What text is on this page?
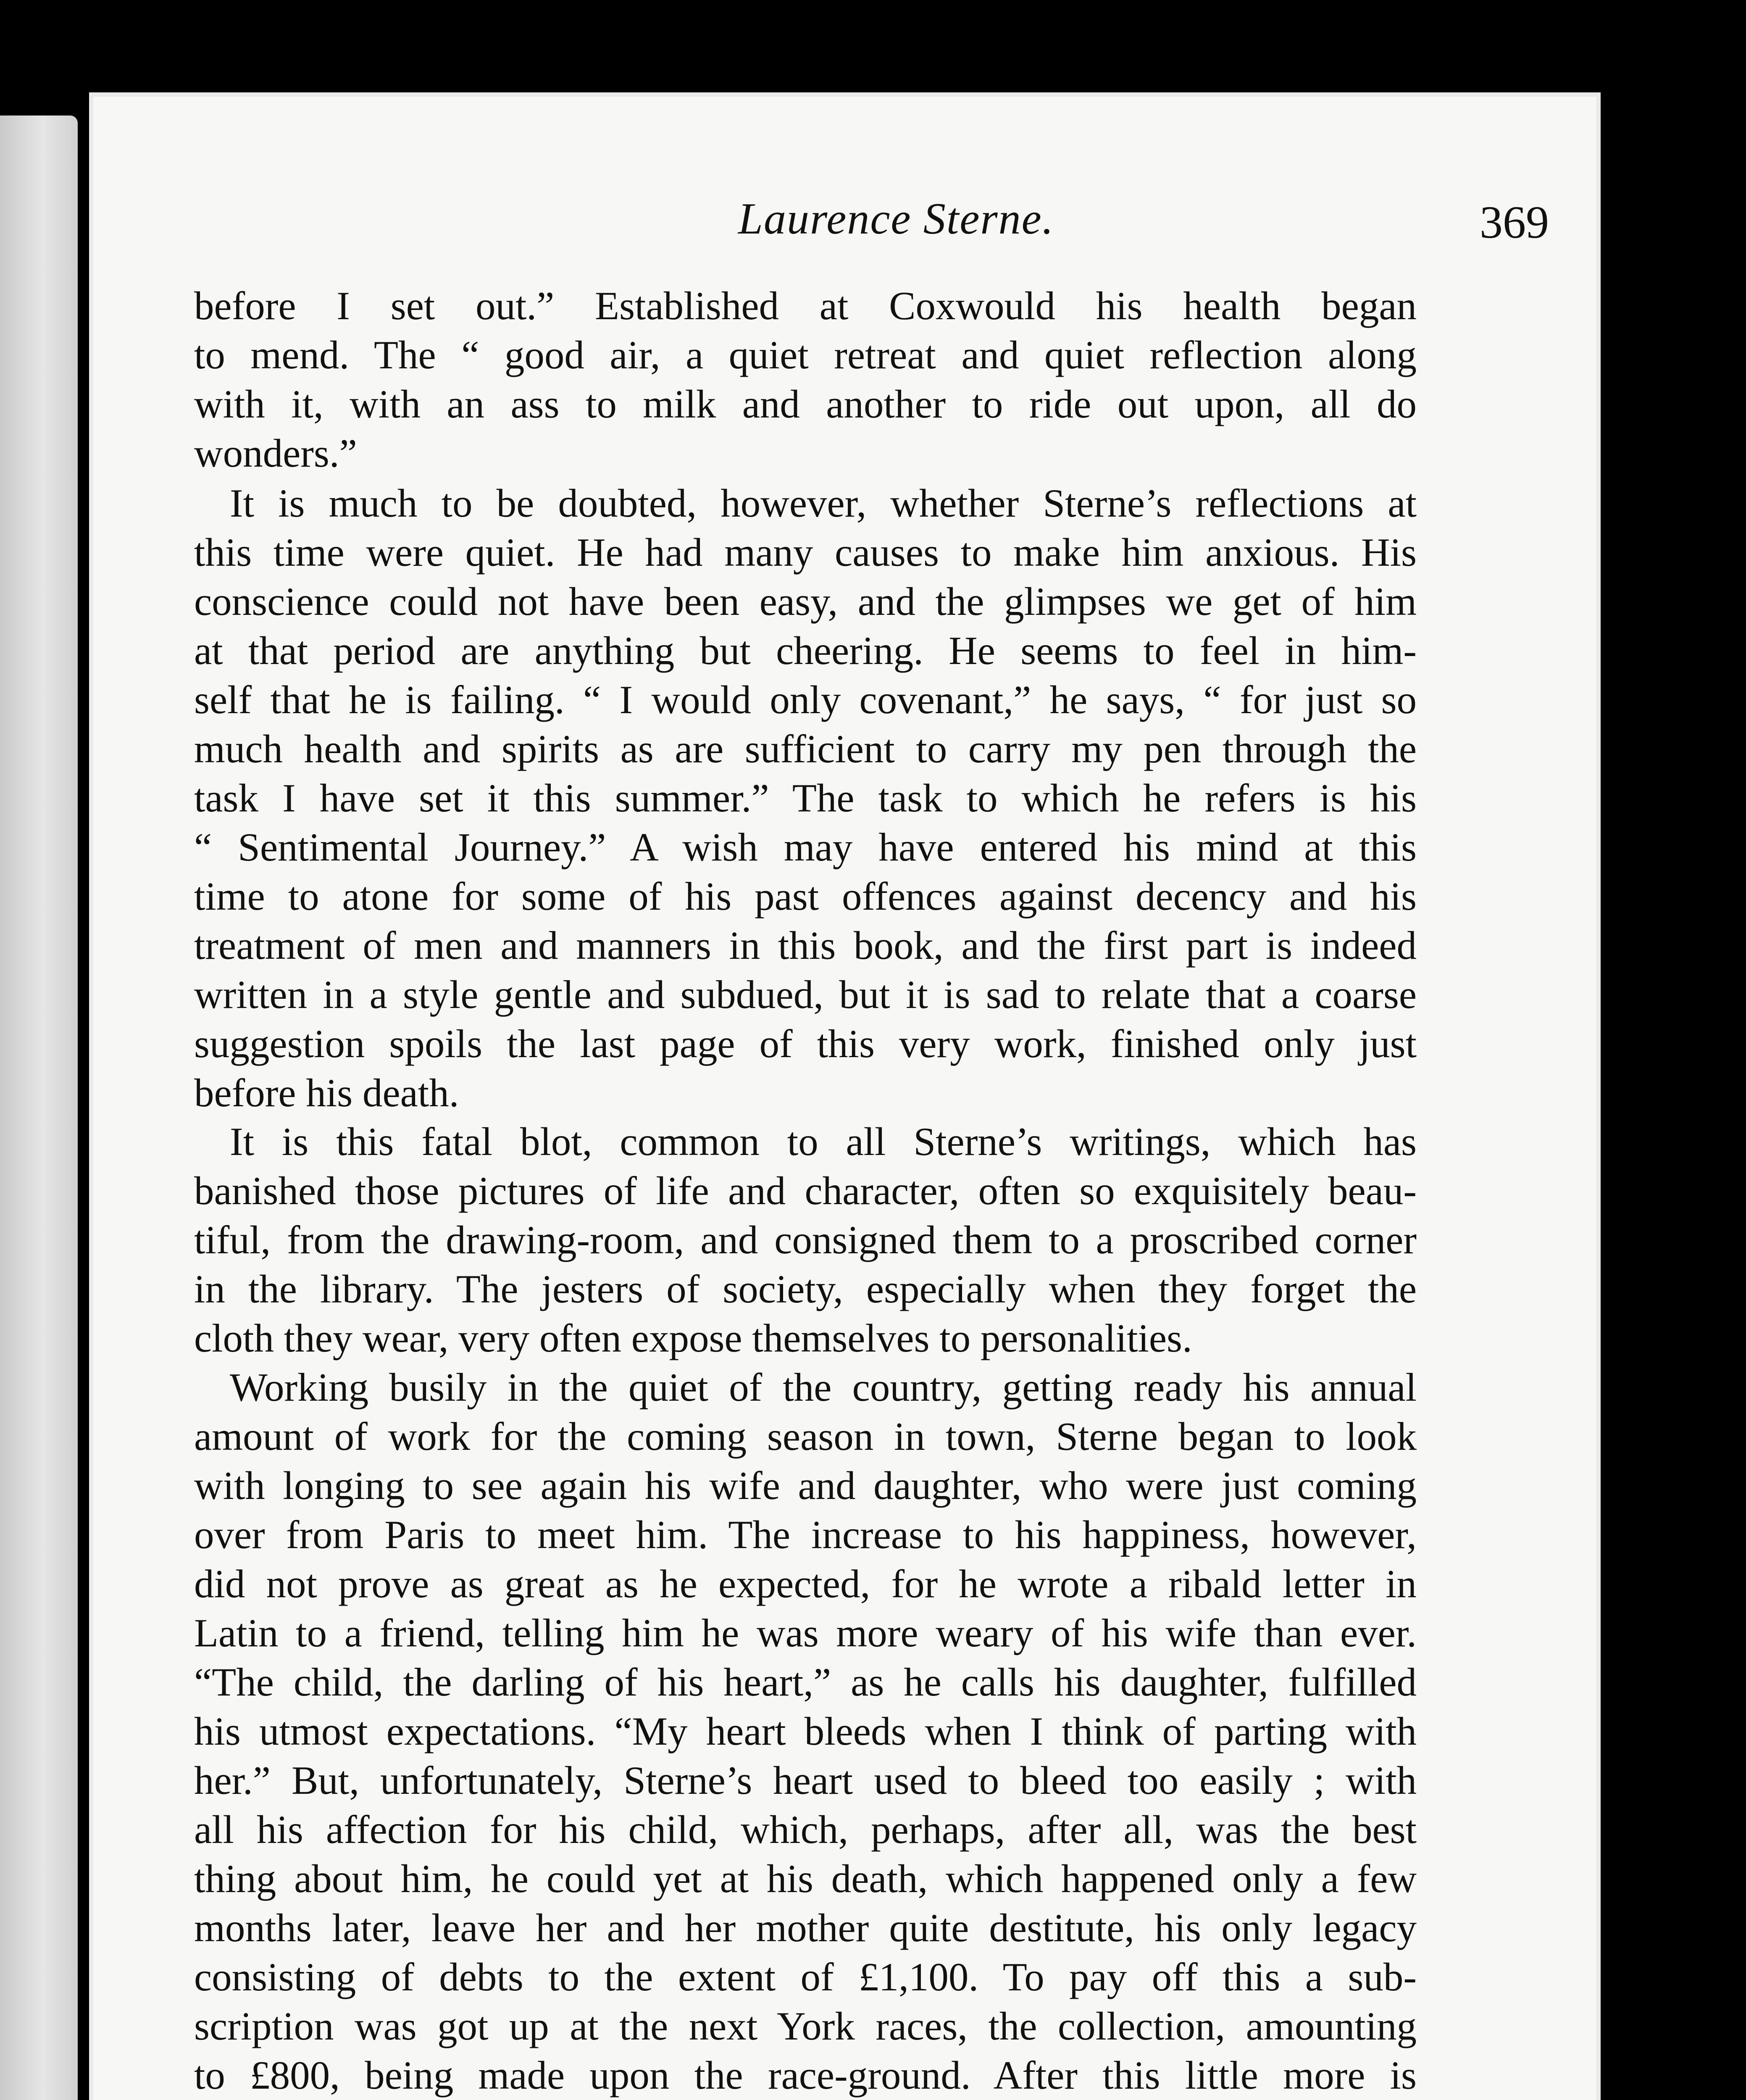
Laurence Sterne.	369
before I set out.” Established at Coxwould his health began
to mend. The “ good air, a quiet retreat and quiet reflection along
with it, with an ass to milk and another to ride out upon, all do
wonders.”
It is much to be doubted, however, whether Sterne’s reflections at
this time were quiet. He had many causes to make him anxious. His
conscience could not have been easy, and the glimpses we get of him
at that period are anything but cheering. He seems to feel in him-
self that he is failing. “ I would only covenant,” he says, “ for just so
much health and spirits as are sufficient to carry my pen through the
task I have set it this summer.” The task to which he refers is his
“ Sentimental Journey.” A wish may have entered his mind at this
time to atone for some of his past offences against decency and his
treatment of men and manners in this book, and the first part is indeed
written in a style gentle and subdued, but it is sad to relate that a coarse
suggestion spoils the last page of this very work, finished only just
before his death.
It is this fatal blot, common to all Sterne’s writings, which has
banished those pictures of life and character, often so exquisitely beau-
tiful, from the drawing-room, and consigned them to a proscribed corner
in the library. The jesters of society, especially when they forget the
cloth they wear, very often expose themselves to personalities.
Working busily in the quiet of the country, getting ready his annual
amount of work for the coming season in town, Sterne began to look
with longing to see again his wife and daughter, who were just coming
over from Paris to meet him. The increase to his happiness, however,
did not prove as great as he expected, for he wrote a ribald letter in
Latin to a friend, telling him he was more weary of his wife than ever.
“The child, the darling of his heart,” as he calls his daughter, fulfilled
his utmost expectations. “My heart bleeds when I think of parting with
her.” But, unfortunately, Sterne’s heart used to bleed too easily ; with
all his affection for his child, which, perhaps, after all, was the best
thing about him, he could yet at his death, which happened only a few
months later, leave her and her mother quite destitute, his only legacy
consisting of debts to the extent of £1,100. To pay off this a sub-
scription was got up at the next York races, the collection, amounting
to £800, being made upon the race-ground. After this little more is
